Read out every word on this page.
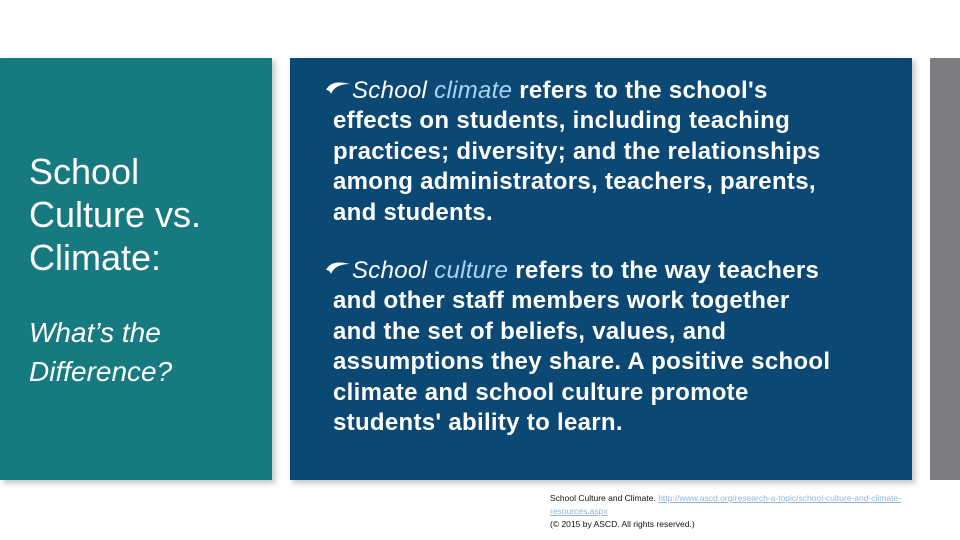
School Culture vs. Climate:

What’s the Difference?

School climate refers to the school's
effects on students, including teaching
practices; diversity; and the relationships
among administrators, teachers, parents,
and students.
School culture refers to the way teachers
and other staff members work together
and the set of beliefs, values, and
assumptions they share. A positive school
climate and school culture promote
students' ability to learn.
School Culture and Climate. http://www.ascd.org/research-a-topic/school-culture-and-climate-resources.aspx
(© 2015 by ASCD. All rights reserved.)
